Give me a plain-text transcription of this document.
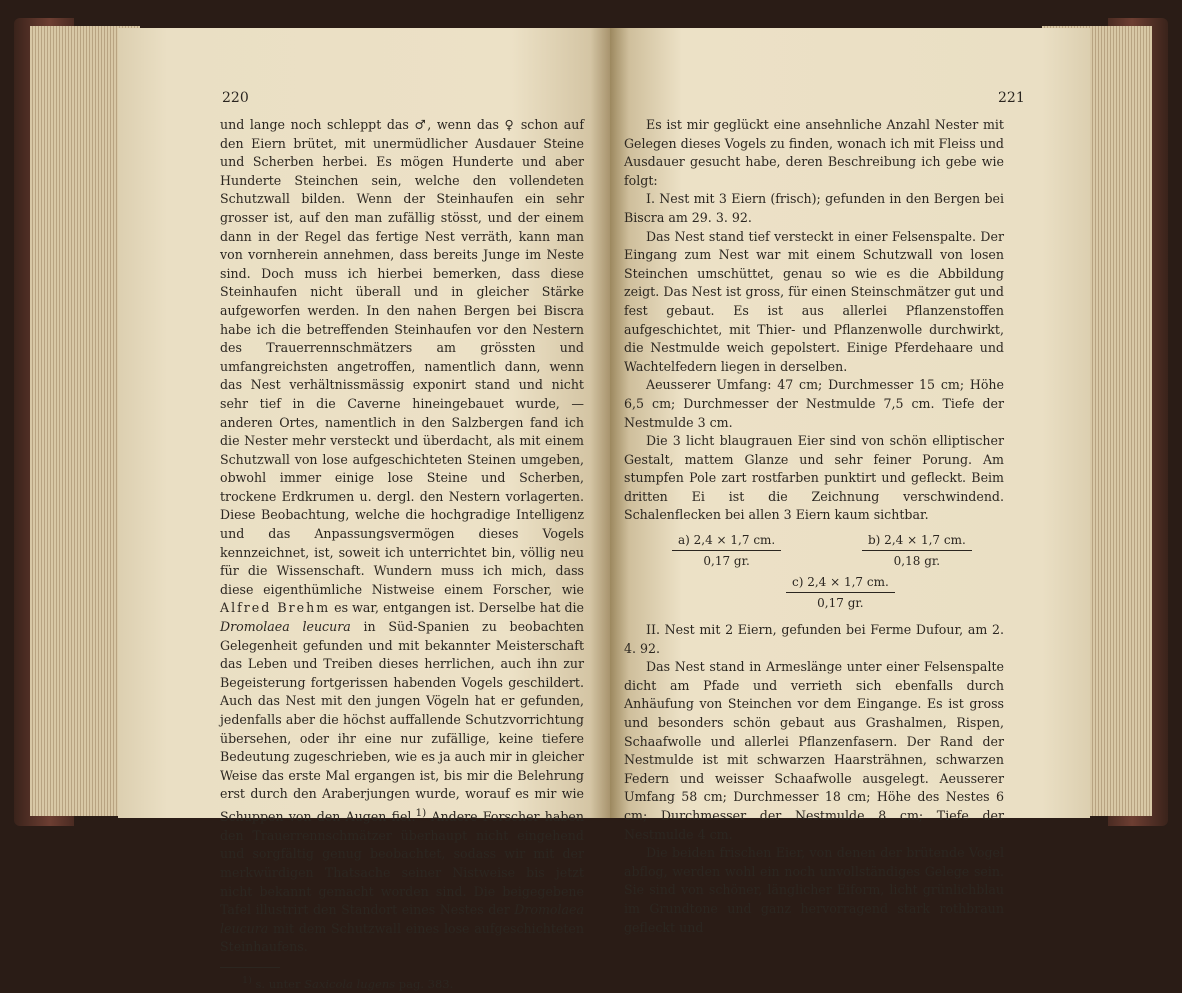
220

und lange noch schleppt das ♂, wenn das ♀ schon auf den Eiern brütet, mit unermüdlicher Ausdauer Steine und Scherben herbei. Es mögen Hunderte und aber Hunderte Steinchen sein, welche den vollendeten Schutzwall bilden. Wenn der Steinhaufen ein sehr grosser ist, auf den man zufällig stösst, und der einem dann in der Regel das fertige Nest verräth, kann man von vornherein annehmen, dass bereits Junge im Neste sind. Doch muss ich hierbei bemerken, dass diese Steinhaufen nicht überall und in gleicher Stärke aufgeworfen werden. In den nahen Bergen bei Biscra habe ich die betreffenden Steinhaufen vor den Nestern des Trauerrennschmätzers am grössten und umfangreichsten angetroffen, namentlich dann, wenn das Nest verhältnissmässig exponirt stand und nicht sehr tief in die Caverne hineingebauet wurde, — anderen Ortes, namentlich in den Salzbergen fand ich die Nester mehr versteckt und überdacht, als mit einem Schutzwall von lose aufgeschichteten Steinen umgeben, obwohl immer einige lose Steine und Scherben, trockene Erdkrumen u. dergl. den Nestern vorlagerten. Diese Beobachtung, welche die hochgradige Intelligenz und das Anpassungsvermögen dieses Vogels kennzeichnet, ist, soweit ich unterrichtet bin, völlig neu für die Wissenschaft. Wundern muss ich mich, dass diese eigenthümliche Nistweise einem Forscher, wie Alfred Brehm es war, entgangen ist. Derselbe hat die Dromolaea leucura in Süd-Spanien zu beobachten Gelegenheit gefunden und mit bekannter Meisterschaft das Leben und Treiben dieses herrlichen, auch ihn zur Begeisterung fortgerissen habenden Vogels geschildert. Auch das Nest mit den jungen Vögeln hat er gefunden, jedenfalls aber die höchst auffallende Schutzvorrichtung übersehen, oder ihr eine nur zufällige, keine tiefere Bedeutung zugeschrieben, wie es ja auch mir in gleicher Weise das erste Mal ergangen ist, bis mir die Belehrung erst durch den Araberjungen wurde, worauf es mir wie Schuppen von den Augen fiel.$^{1)}$ Andere Forscher haben den Trauerrennschmätzer überhaupt nicht eingehend und sorgfältig genug beobachtet, sodass wir mit der merkwürdigen Thatsache seiner Nistweise bis jetzt nicht bekannt gemacht worden sind. Die beigegebene Tafel illustrirt den Standort eines Nestes der Dromolaea leucura mit dem Schutzwall eines lose aufgeschichteten Steinhaufens.

$^{1)}$ s. unter Saxicola lugens pag. 383.
221

Es ist mir geglückt eine ansehnliche Anzahl Nester mit Gelegen dieses Vogels zu finden, wonach ich mit Fleiss und Ausdauer gesucht habe, deren Beschreibung ich gebe wie folgt:

I. Nest mit 3 Eiern (frisch); gefunden in den Bergen bei Biscra am 29. 3. 92.

Das Nest stand tief versteckt in einer Felsenspalte. Der Eingang zum Nest war mit einem Schutzwall von losen Steinchen umschüttet, genau so wie es die Abbildung zeigt. Das Nest ist gross, für einen Steinschmätzer gut und fest gebaut. Es ist aus allerlei Pflanzenstoffen aufgeschichtet, mit Thier- und Pflanzenwolle durchwirkt, die Nestmulde weich gepolstert. Einige Pferdehaare und Wachtelfedern liegen in derselben.

Aeusserer Umfang: 47 cm; Durchmesser 15 cm; Höhe 6,5 cm; Durchmesser der Nestmulde 7,5 cm. Tiefe der Nestmulde 3 cm.

Die 3 licht blaugrauen Eier sind von schön elliptischer Gestalt, mattem Glanze und sehr feiner Porung. Am stumpfen Pole zart rostfarben punktirt und gefleckt. Beim dritten Ei ist die Zeichnung verschwindend. Schalenflecken bei allen 3 Eiern kaum sichtbar.

$\frac{a) 2,4 \times 1,7 cm.}{0,17 gr.}$	$\frac{b) 2,4 \times 1,7 cm.}{0,18 gr.}$
$\frac{c) 2,4 \times 1,7 cm.}{0,17 gr.}$

II. Nest mit 2 Eiern, gefunden bei Ferme Dufour, am 2. 4. 92.

Das Nest stand in Armeslänge unter einer Felsenspalte dicht am Pfade und verrieth sich ebenfalls durch Anhäufung von Steinchen vor dem Eingange. Es ist gross und besonders schön gebaut aus Grashalmen, Rispen, Schaafwolle und allerlei Pflanzenfasern. Der Rand der Nestmulde ist mit schwarzen Haarsträhnen, schwarzen Federn und weisser Schaafwolle ausgelegt. Aeusserer Umfang 58 cm; Durchmesser 18 cm; Höhe des Nestes 6 cm; Durchmesser der Nestmulde 8 cm; Tiefe der Nestmulde 4 cm.

Die beiden frischen Eier, von denen der brütende Vogel abflog, werden wohl ein noch unvollständiges Gelege sein. Sie sind von schöner, länglicher Eiform, licht grünlichblau im Grundtone und ganz hervorragend stark rothbraun gefleckt und
